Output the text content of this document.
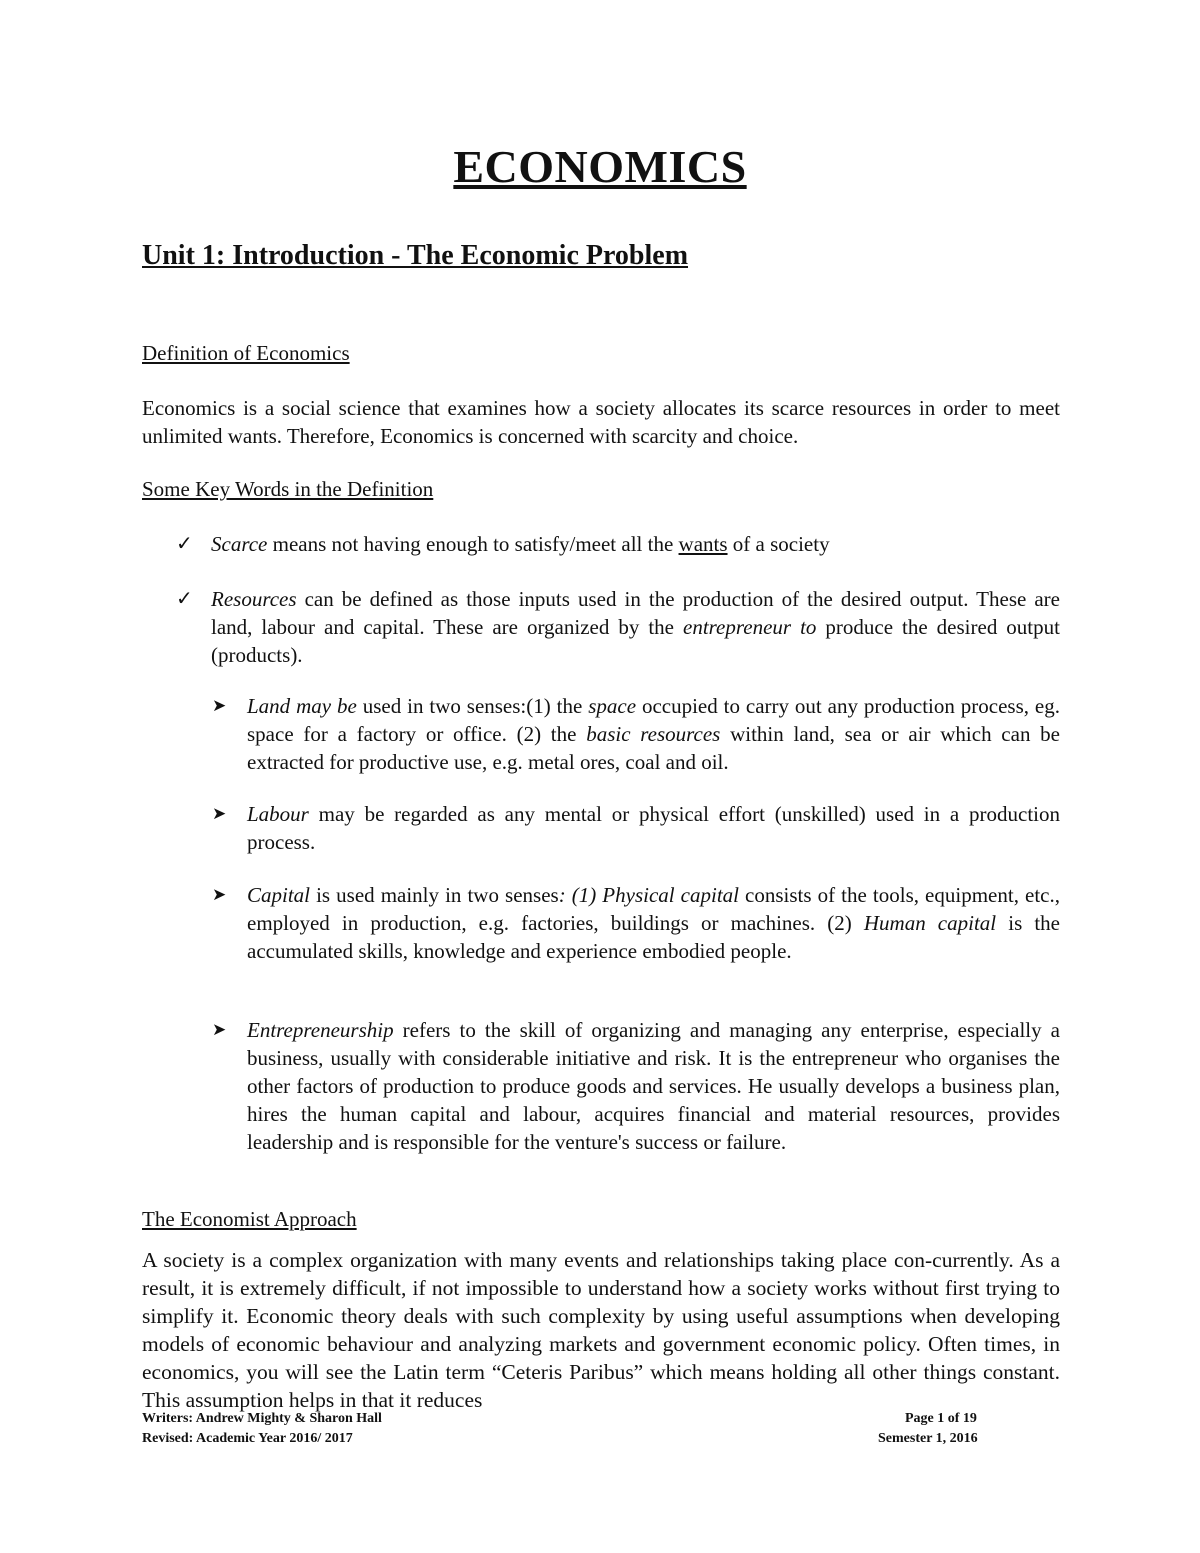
ECONOMICS
Unit 1: Introduction - The Economic Problem
Definition of Economics
Economics is a social science that examines how a society allocates its scarce resources in order to meet unlimited wants. Therefore, Economics is concerned with scarcity and choice.
Some Key Words in the Definition
✓ Scarce means not having enough to satisfy/meet all the wants of a society
✓ Resources can be defined as those inputs used in the production of the desired output. These are land, labour and capital. These are organized by the entrepreneur to produce the desired output (products).
➤ Land may be used in two senses:(1) the space occupied to carry out any production process, eg. space for a factory or office. (2) the basic resources within land, sea or air which can be extracted for productive use, e.g. metal ores, coal and oil.
➤ Labour may be regarded as any mental or physical effort (unskilled) used in a production process.
➤ Capital is used mainly in two senses: (1) Physical capital consists of the tools, equipment, etc., employed in production, e.g. factories, buildings or machines. (2) Human capital is the accumulated skills, knowledge and experience embodied people.
➤ Entrepreneurship refers to the skill of organizing and managing any enterprise, especially a business, usually with considerable initiative and risk. It is the entrepreneur who organises the other factors of production to produce goods and services. He usually develops a business plan, hires the human capital and labour, acquires financial and material resources, provides leadership and is responsible for the venture's success or failure.
The Economist Approach
A society is a complex organization with many events and relationships taking place con-currently. As a result, it is extremely difficult, if not impossible to understand how a society works without first trying to simplify it. Economic theory deals with such complexity by using useful assumptions when developing models of economic behaviour and analyzing markets and government economic policy. Often times, in economics, you will see the Latin term “Ceteris Paribus” which means holding all other things constant. This assumption helps in that it reduces
Writers: Andrew Mighty & Sharon Hall
Revised: Academic Year 2016/ 2017
Page 1 of 19
Semester 1, 2016
